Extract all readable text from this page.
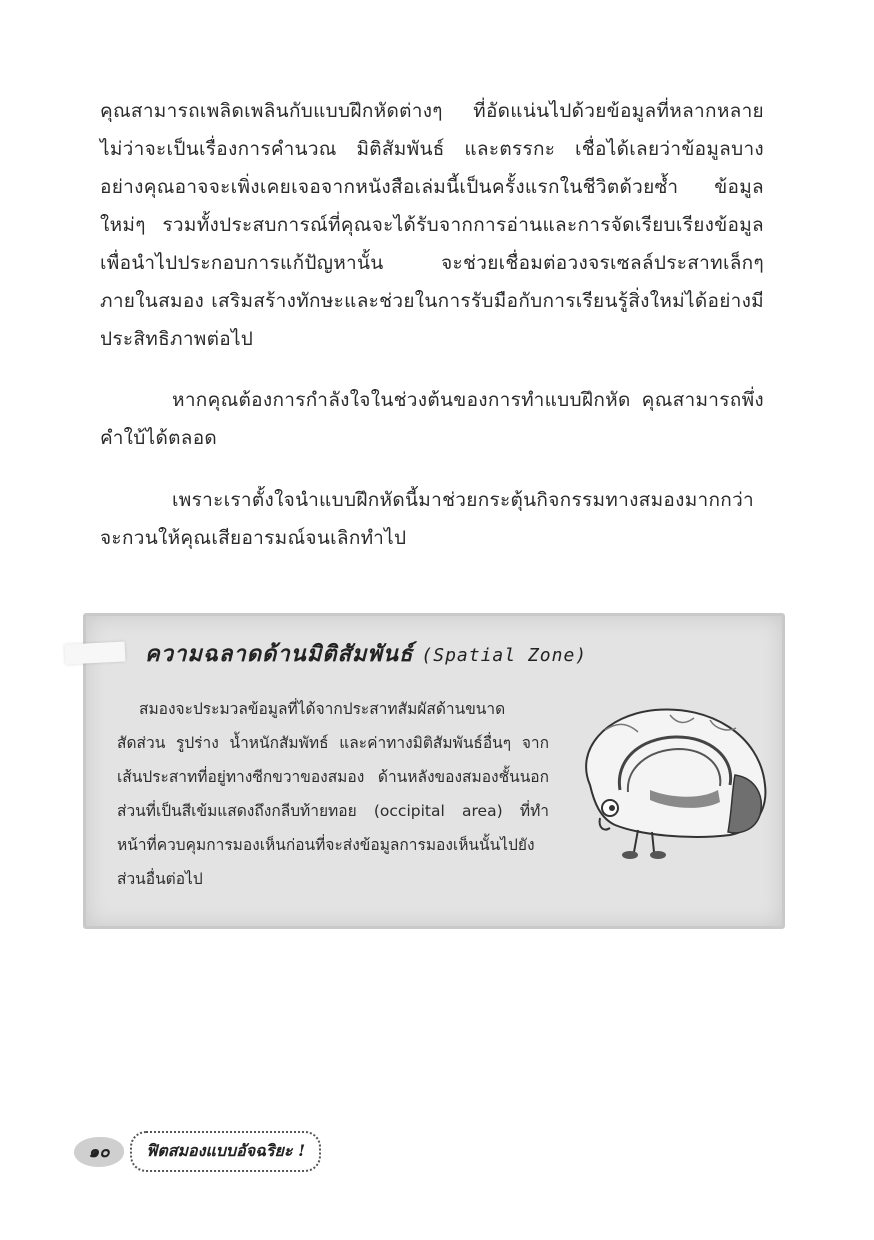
คุณสามารถเพลิดเพลินกับแบบฝึกหัดต่างๆ ที่อัดแน่นไปด้วยข้อมูลที่หลากหลาย ไม่ว่าจะเป็นเรื่องการคำนวณ มิติสัมพันธ์ และตรรกะ เชื่อได้เลยว่าข้อมูลบางอย่างคุณอาจจะเพิ่งเคยเจอจากหนังสือเล่มนี้เป็นครั้งแรกในชีวิตด้วยซ้ำ ข้อมูลใหม่ๆ รวมทั้งประสบการณ์ที่คุณจะได้รับจากการอ่านและการจัดเรียบเรียงข้อมูลเพื่อนำไปประกอบการแก้ปัญหานั้น จะช่วยเชื่อมต่อวงจรเซลล์ประสาทเล็กๆ ภายในสมอง เสริมสร้างทักษะและช่วยในการรับมือกับการเรียนรู้สิ่งใหม่ได้อย่างมีประสิทธิภาพต่อไป
หากคุณต้องการกำลังใจในช่วงต้นของการทำแบบฝึกหัด คุณสามารถพึ่งคำใบ้ได้ตลอด
เพราะเราตั้งใจนำแบบฝึกหัดนี้มาช่วยกระตุ้นกิจกรรมทางสมองมากกว่าจะกวนให้คุณเสียอารมณ์จนเลิกทำไป
ความฉลาดด้านมิติสัมพันธ์ (Spatial Zone)
สมองจะประมวลข้อมูลที่ได้จากประสาทสัมผัสด้านขนาด สัดส่วน รูปร่าง น้ำหนักสัมพัทธ์ และค่าทางมิติสัมพันธ์อื่นๆ จากเส้นประสาทที่อยู่ทางซีกขวาของสมอง ด้านหลังของสมองชั้นนอกส่วนที่เป็นสีเข้มแสดงถึงกลีบท้ายทอย (occipital area) ที่ทำหน้าที่ควบคุมการมองเห็นก่อนที่จะส่งข้อมูลการมองเห็นนั้นไปยังส่วนอื่นต่อไป
๑๐	ฟิตสมองแบบอัจฉริยะ !
